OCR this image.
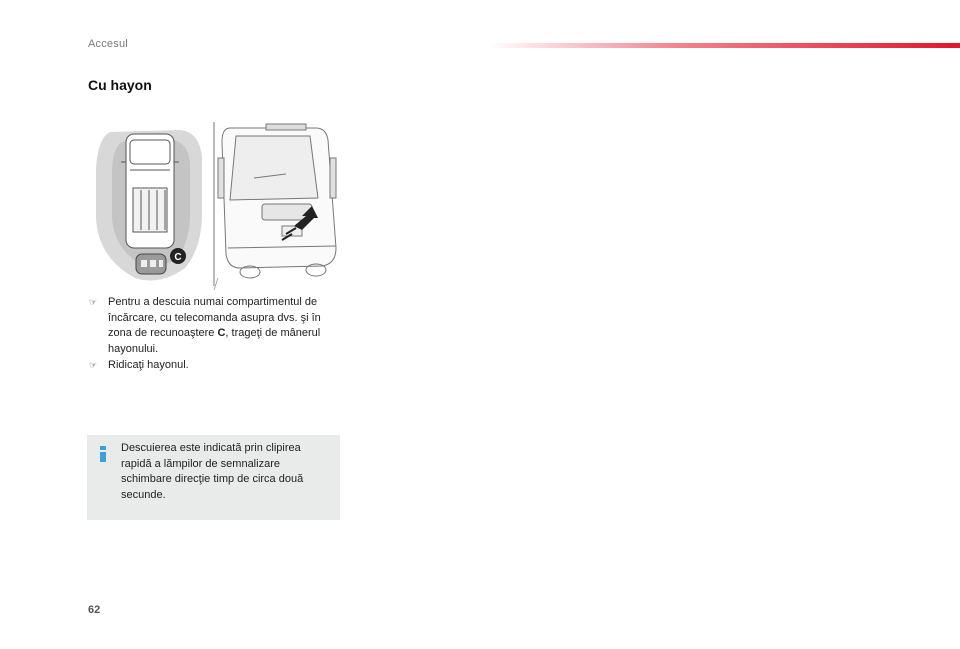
Accesul
Cu hayon
C
☞ Pentru a descuia numai compartimentul de încărcare, cu telecomanda asupra dvs. şi în zona de recunoaştere C, trageţi de mânerul hayonului.
☞ Ridicaţi hayonul.
Descuierea este indicată prin clipirea rapidă a lămpilor de semnalizare schimbare direcţie timp de circa două secunde.
62
